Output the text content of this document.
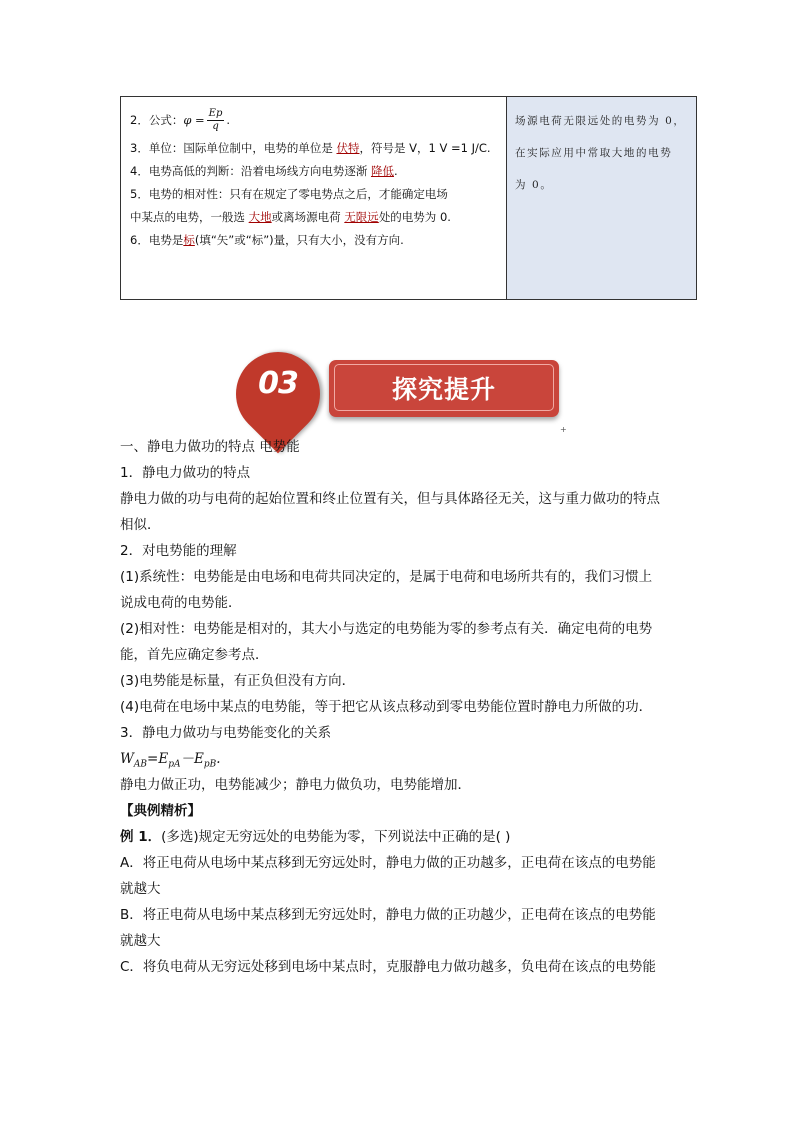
2．公式：$\varphi = \frac{Ep}{q}$ .
3．单位：国际单位制中，电势的单位是 伏特，符号是 V，1 V =1 J/C.
4．电势高低的判断：沿着电场线方向电势逐渐 降低.
5．电势的相对性：只有在规定了零电势点之后，才能确定电场
中某点的电势，一般选 大地或离场源电荷 无限远处的电势为 0.
6．电势是标(填“矢”或“标”)量，只有大小，没有方向.
场源电荷无限远处的电势为 0，
在实际应用中常取大地的电势
为 0。
03	探究提升
+
一、静电力做功的特点 电势能
1．静电力做功的特点
静电力做的功与电荷的起始位置和终止位置有关，但与具体路径无关，这与重力做功的特点
相似．
2．对电势能的理解
(1)系统性：电势能是由电场和电荷共同决定的，是属于电荷和电场所共有的，我们习惯上
说成电荷的电势能．
(2)相对性：电势能是相对的，其大小与选定的电势能为零的参考点有关．确定电荷的电势
能，首先应确定参考点．
(3)电势能是标量，有正负但没有方向．
(4)电荷在电场中某点的电势能，等于把它从该点移动到零电势能位置时静电力所做的功．
3．静电力做功与电势能变化的关系
$W_{AB}=E_{pA}-E_{pB}$.
静电力做正功，电势能减少；静电力做负功，电势能增加．
【典例精析】
例 1．(多选)规定无穷远处的电势能为零，下列说法中正确的是( )
A．将正电荷从电场中某点移到无穷远处时，静电力做的正功越多，正电荷在该点的电势能
就越大
B．将正电荷从电场中某点移到无穷远处时，静电力做的正功越少，正电荷在该点的电势能
就越大
C．将负电荷从无穷远处移到电场中某点时，克服静电力做功越多，负电荷在该点的电势能
